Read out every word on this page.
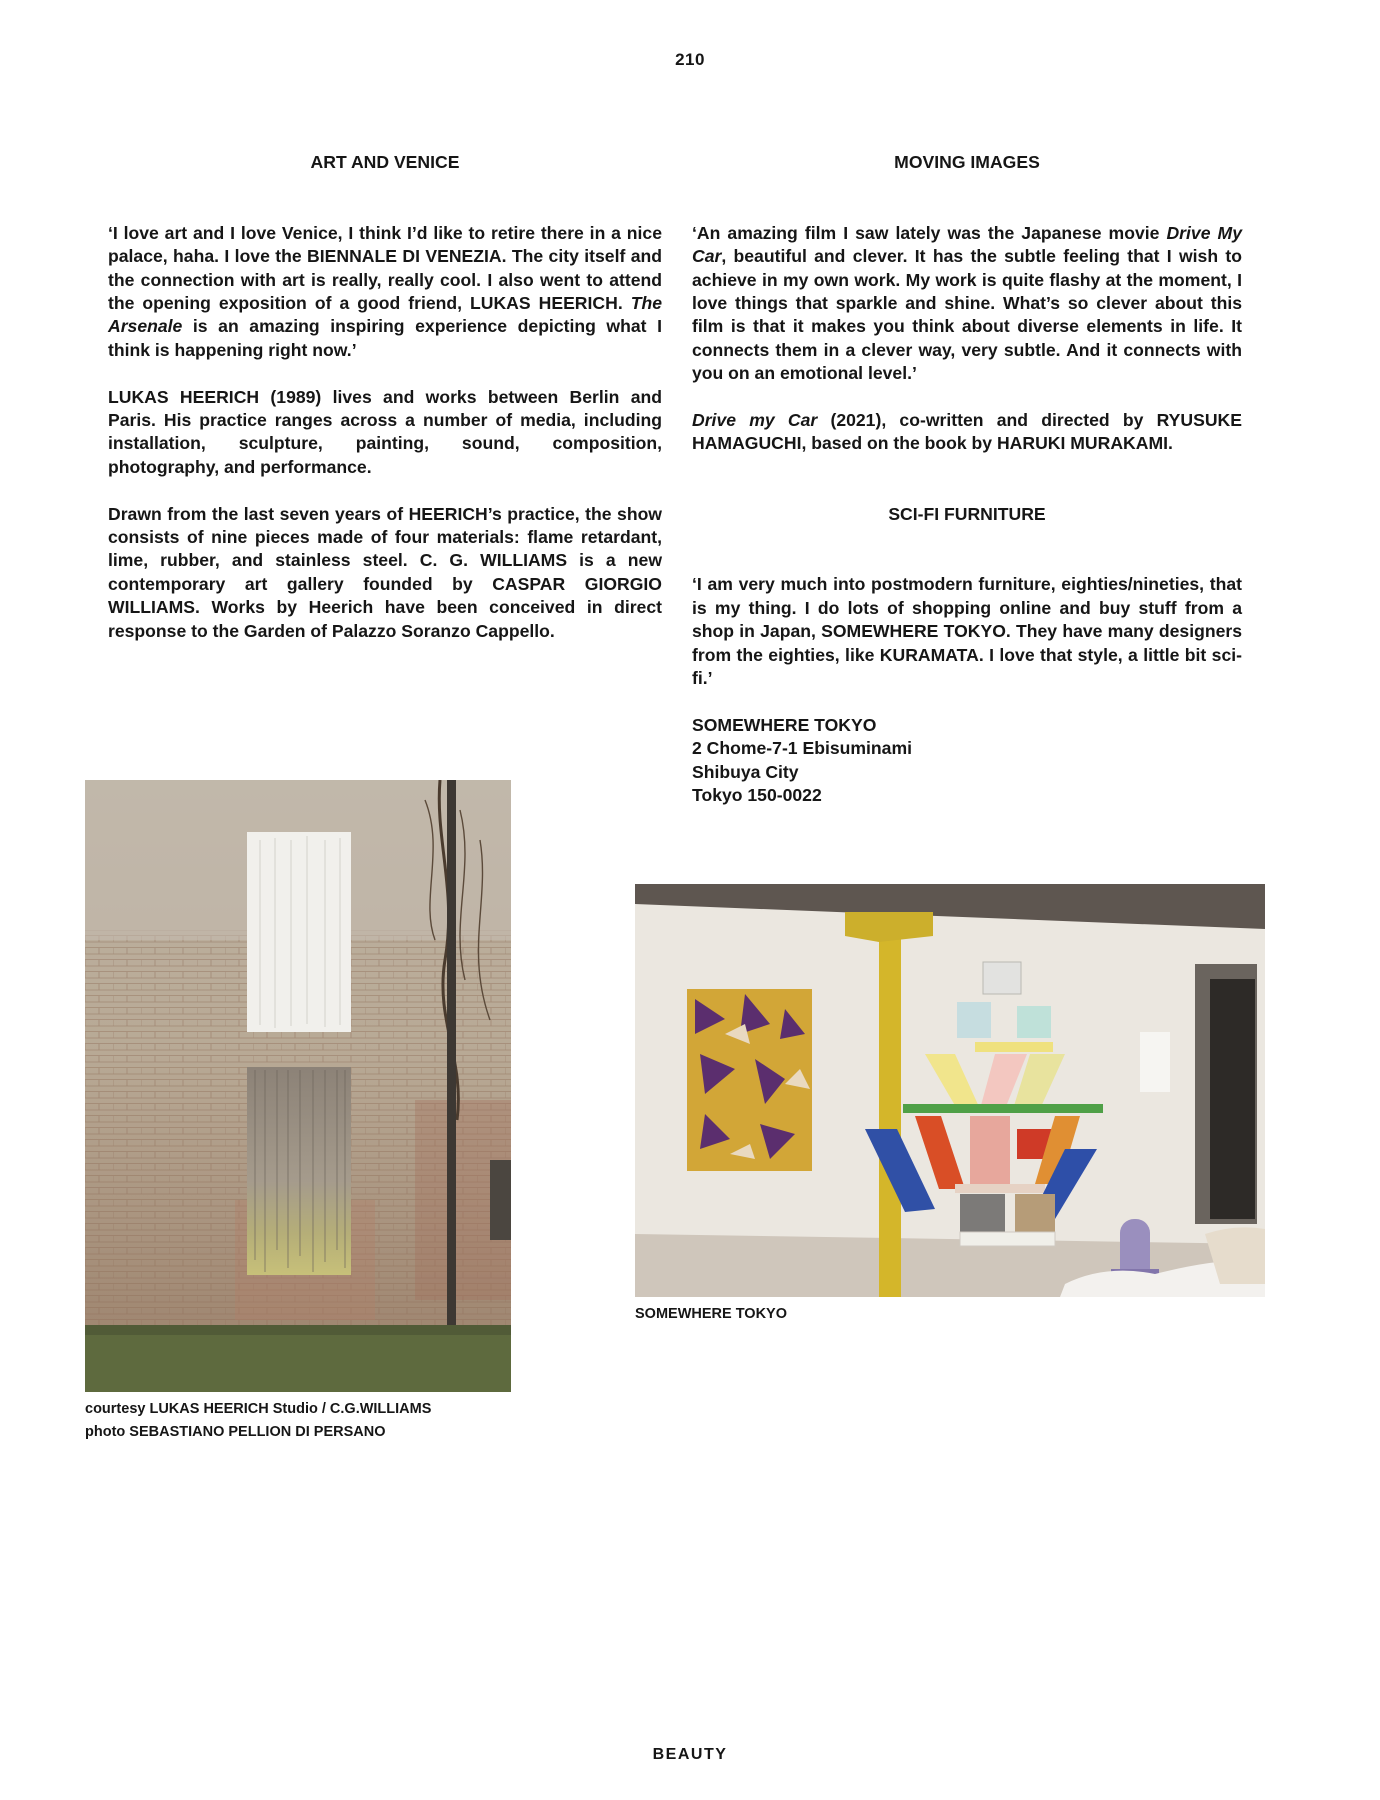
210

ART AND VENICE

‘I love art and I love Venice, I think I’d like to retire there in a nice palace, haha. I love the BIENNALE DI VENEZIA. The city itself and the connection with art is really, really cool. I also went to attend the opening exposition of a good friend, LUKAS HEERICH. The Arsenale is an amazing inspiring experience depicting what I think is happening right now.’

LUKAS HEERICH (1989) lives and works between Berlin and Paris. His practice ranges across a number of media, including installation, sculpture, painting, sound, composition, photography, and performance.

Drawn from the last seven years of HEERICH’s practice, the show consists of nine pieces made of four materials: flame retardant, lime, rubber, and stainless steel. C. G. WILLIAMS is a new contemporary art gallery founded by CASPAR GIORGIO WILLIAMS. Works by Heerich have been conceived in direct response to the Garden of Palazzo Soranzo Cappello.

MOVING IMAGES

‘An amazing film I saw lately was the Japanese movie Drive My Car, beautiful and clever. It has the subtle feeling that I wish to achieve in my own work. My work is quite flashy at the moment, I love things that sparkle and shine. What’s so clever about this film is that it makes you think about diverse elements in life. It connects them in a clever way, very subtle. And it connects with you on an emotional level.’

Drive my Car (2021), co-written and directed by RYUSUKE HAMAGUCHI, based on the book by HARUKI MURAKAMI.

SCI-FI FURNITURE

‘I am very much into postmodern furniture, eighties/nineties, that is my thing. I do lots of shopping online and buy stuff from a shop in Japan, SOMEWHERE TOKYO. They have many designers from the eighties, like KURAMATA. I love that style, a little bit sci-fi.’

SOMEWHERE TOKYO

2 Chome-7-1 Ebisuminami

Shibuya City

Tokyo 150-0022

courtesy LUKAS HEERICH Studio / C.G.WILLIAMS
photo SEBASTIANO PELLION DI PERSANO
SOMEWHERE TOKYO
BEAUTY
